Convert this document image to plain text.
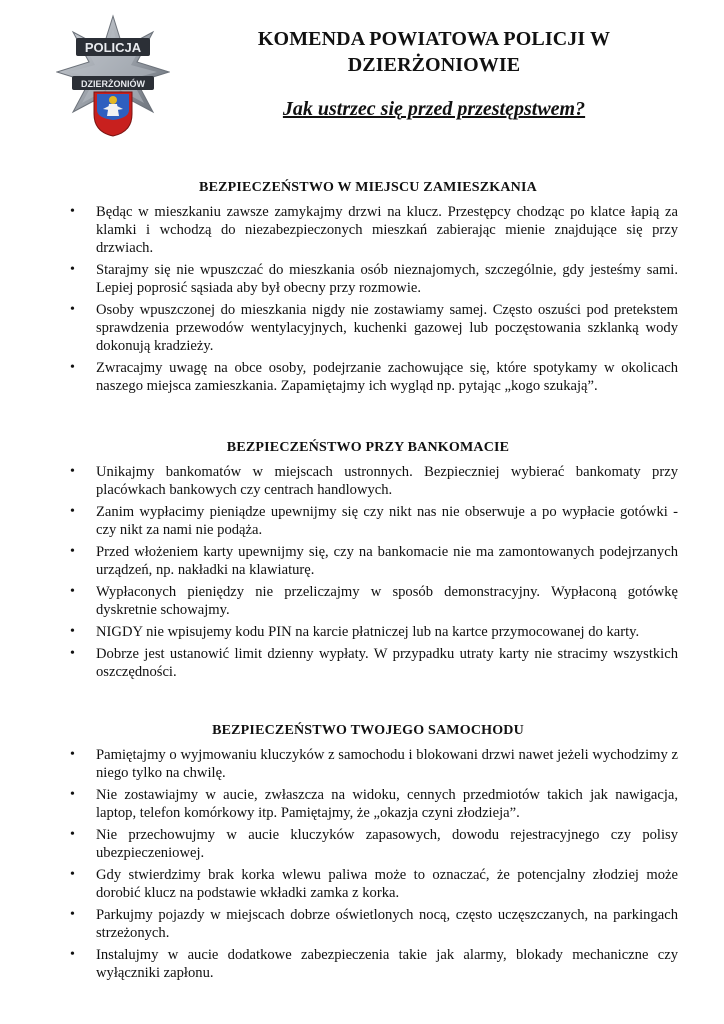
POLICJA
DZIERŻONIÓW
KOMENDA POWIATOWA POLICJI W DZIERŻONIOWIE
Jak ustrzec się przed przestępstwem?
BEZPIECZEŃSTWO W MIEJSCU ZAMIESZKANIA
• Będąc w mieszkaniu zawsze zamykajmy drzwi na klucz. Przestępcy chodząc po klatce łapią za klamki i wchodzą do niezabezpieczonych mieszkań zabierając mienie znajdujące się przy drzwiach.
• Starajmy się nie wpuszczać do mieszkania osób nieznajomych, szczególnie, gdy jesteśmy sami. Lepiej poprosić sąsiada aby był obecny przy rozmowie.
• Osoby wpuszczonej do mieszkania nigdy nie zostawiamy samej. Często oszuści pod pretekstem sprawdzenia przewodów wentylacyjnych, kuchenki gazowej lub poczęstowania szklanką wody dokonują kradzieży.
• Zwracajmy uwagę na obce osoby, podejrzanie zachowujące się, które spotykamy w okolicach naszego miejsca zamieszkania. Zapamiętajmy ich wygląd np. pytając „kogo szukają”.
BEZPIECZEŃSTWO PRZY BANKOMACIE
• Unikajmy bankomatów w miejscach ustronnych. Bezpieczniej wybierać bankomaty przy placówkach bankowych czy centrach handlowych.
• Zanim wypłacimy pieniądze upewnijmy się czy nikt nas nie obserwuje a po wypłacie gotówki - czy nikt za nami nie podąża.
• Przed włożeniem karty upewnijmy się, czy na bankomacie nie ma zamontowanych podejrzanych urządzeń, np. nakładki na klawiaturę.
• Wypłaconych pieniędzy nie przeliczajmy w sposób demonstracyjny. Wypłaconą gotówkę dyskretnie schowajmy.
• NIGDY nie wpisujemy kodu PIN na karcie płatniczej lub na kartce przymocowanej do karty.
• Dobrze jest ustanowić limit dzienny wypłaty. W przypadku utraty karty nie stracimy wszystkich oszczędności.
BEZPIECZEŃSTWO TWOJEGO SAMOCHODU
• Pamiętajmy o wyjmowaniu kluczyków z samochodu i blokowani drzwi nawet jeżeli wychodzimy z niego tylko na chwilę.
• Nie zostawiajmy w aucie, zwłaszcza na widoku, cennych przedmiotów takich jak nawigacja, laptop, telefon komórkowy itp. Pamiętajmy, że „okazja czyni złodzieja”.
• Nie przechowujmy w aucie kluczyków zapasowych, dowodu rejestracyjnego czy polisy ubezpieczeniowej.
• Gdy stwierdzimy brak korka wlewu paliwa może to oznaczać, że potencjalny złodziej może dorobić klucz na podstawie wkładki zamka z korka.
• Parkujmy pojazdy w miejscach dobrze oświetlonych nocą, często uczęszczanych, na parkingach strzeżonych.
• Instalujmy w aucie dodatkowe zabezpieczenia takie jak alarmy, blokady mechaniczne czy wyłączniki zapłonu.
